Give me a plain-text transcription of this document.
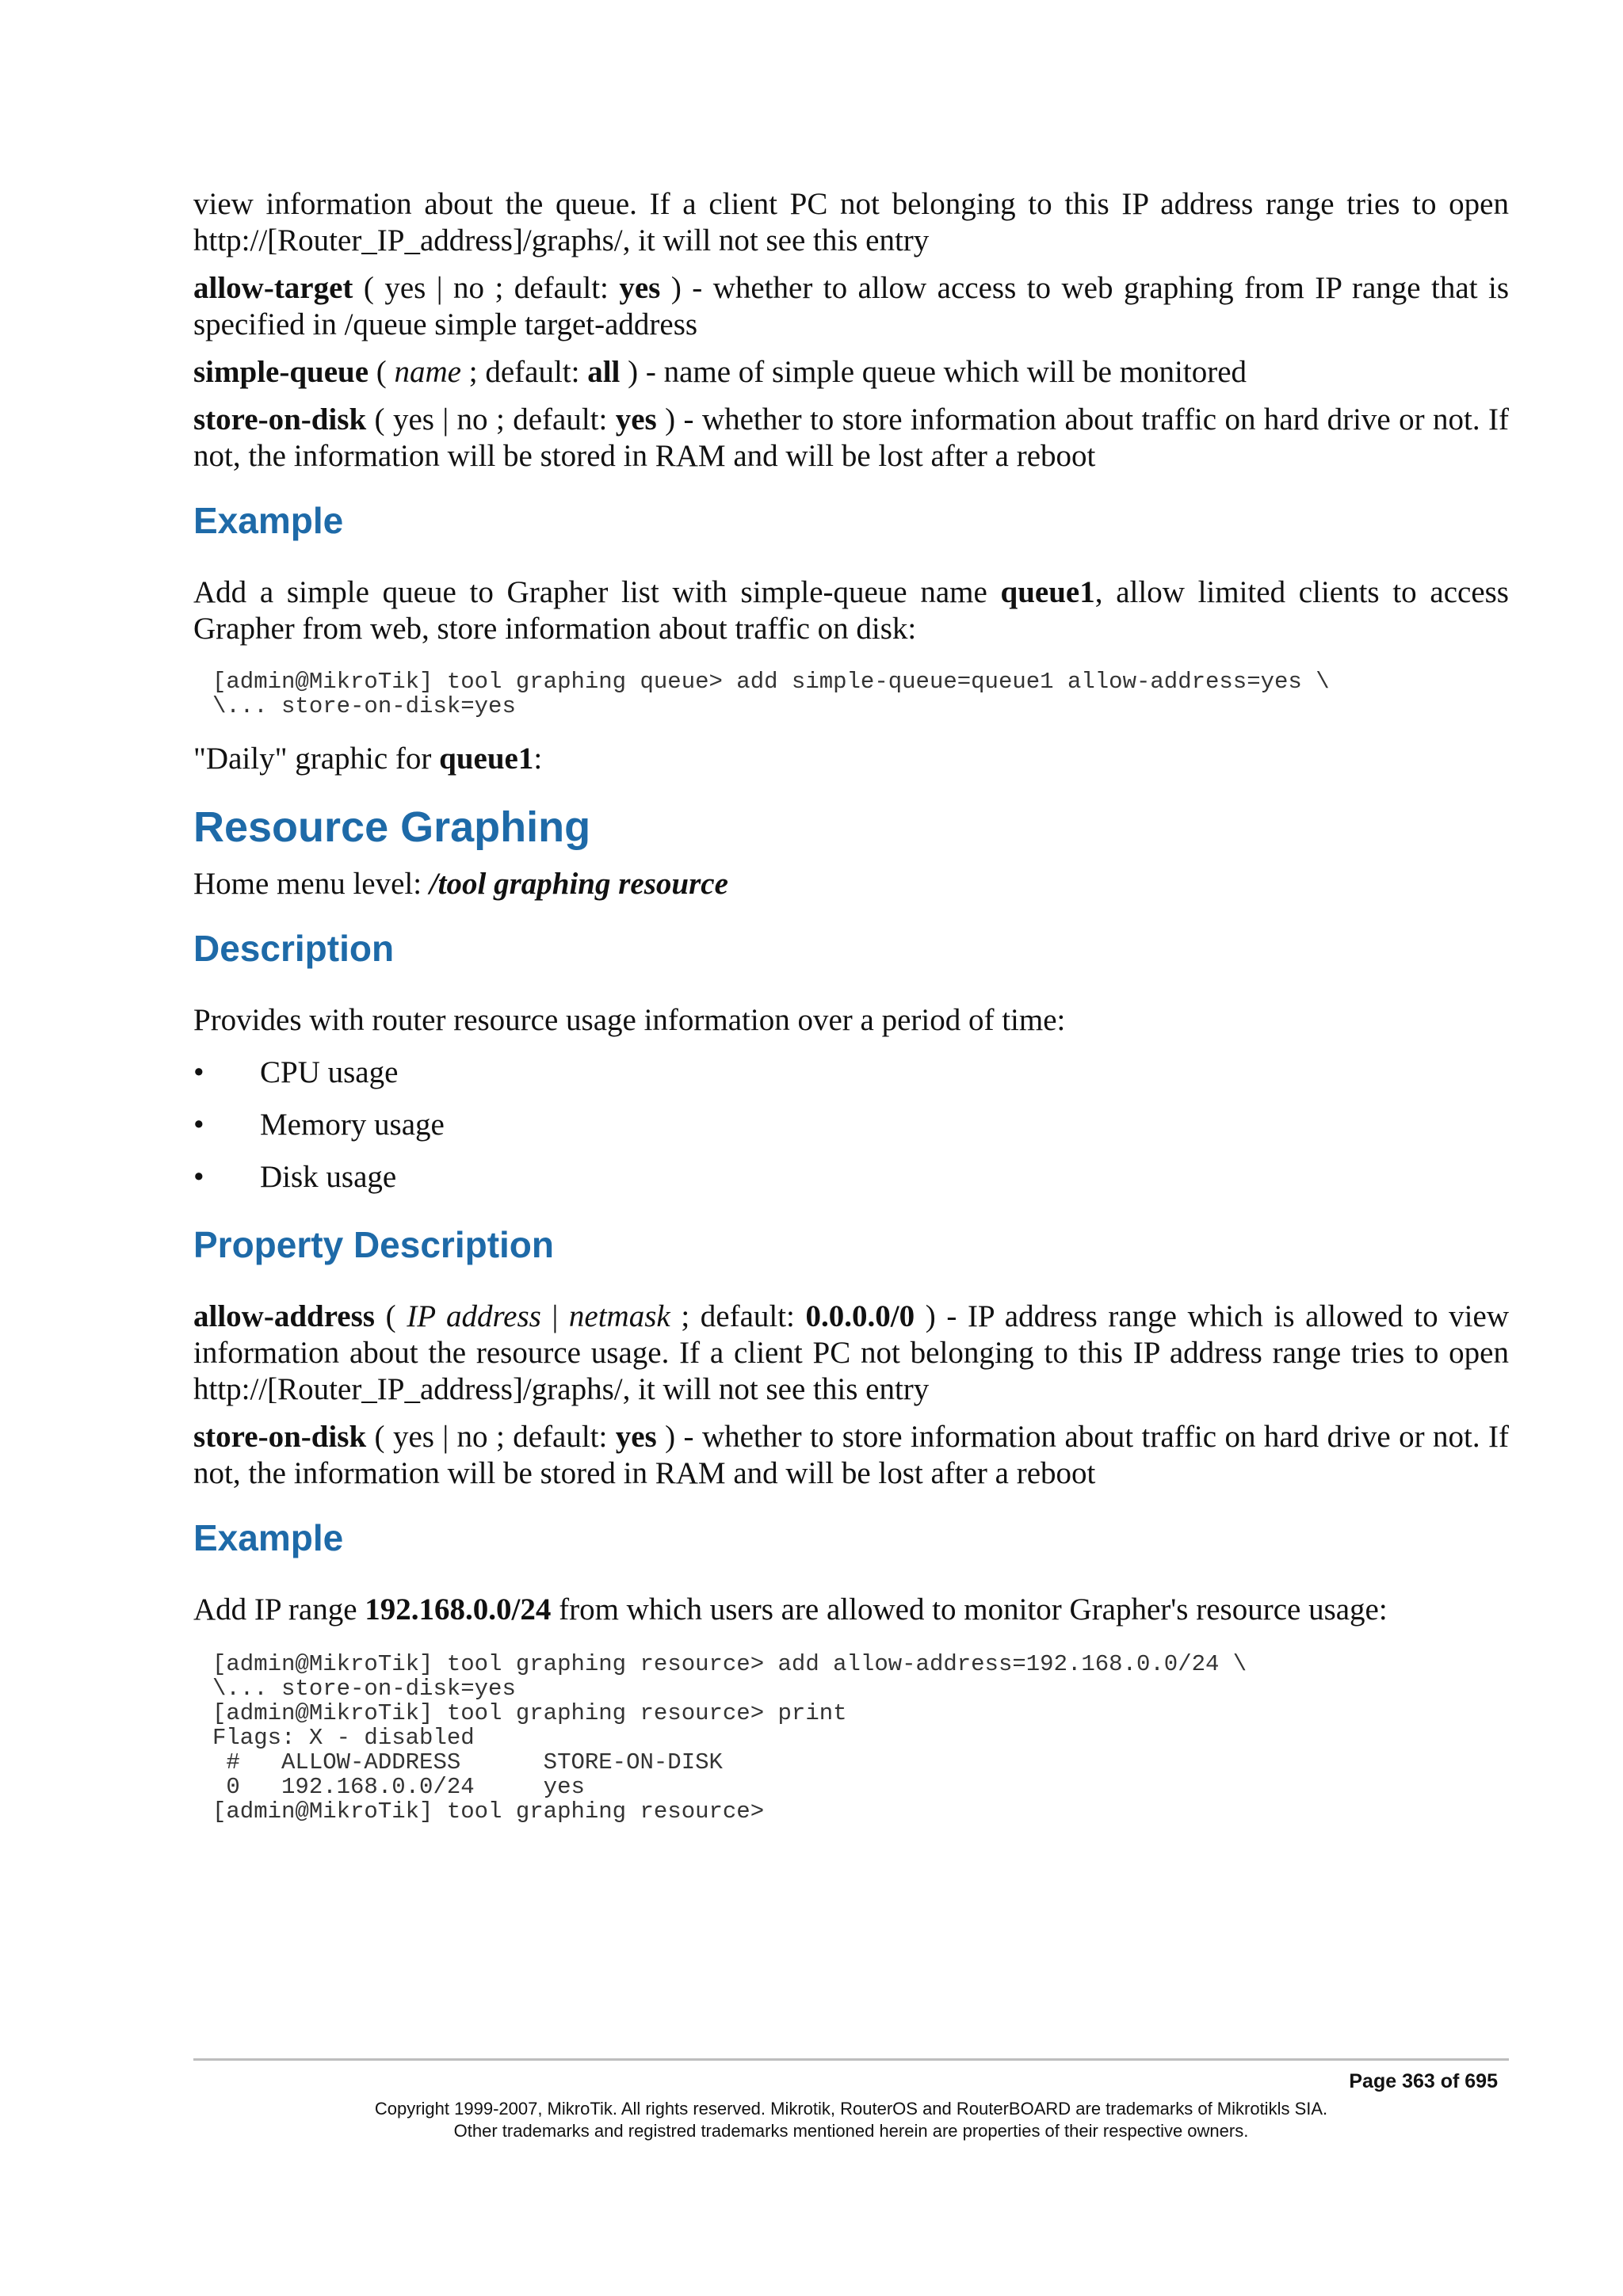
view information about the queue. If a client PC not belonging to this IP address range tries to open http://[Router_IP_address]/graphs/, it will not see this entry

allow-target ( yes | no ; default: yes ) - whether to allow access to web graphing from IP range that is specified in /queue simple target-address

simple-queue ( name ; default: all ) - name of simple queue which will be monitored

store-on-disk ( yes | no ; default: yes ) - whether to store information about traffic on hard drive or not. If not, the information will be stored in RAM and will be lost after a reboot

Example

Add a simple queue to Grapher list with simple-queue name queue1, allow limited clients to access Grapher from web, store information about traffic on disk:

[admin@MikroTik] tool graphing queue> add simple-queue=queue1 allow-address=yes \
\... store-on-disk=yes

"Daily" graphic for queue1:

Resource Graphing

Home menu level: /tool graphing resource

Description

Provides with router resource usage information over a period of time:

•	CPU usage
•	Memory usage
•	Disk usage
Property Description

allow-address ( IP address | netmask ; default: 0.0.0.0/0 ) - IP address range which is allowed to view information about the resource usage. If a client PC not belonging to this IP address range tries to open http://[Router_IP_address]/graphs/, it will not see this entry

store-on-disk ( yes | no ; default: yes ) - whether to store information about traffic on hard drive or not. If not, the information will be stored in RAM and will be lost after a reboot

Example

Add IP range 192.168.0.0/24 from which users are allowed to monitor Grapher's resource usage:

[admin@MikroTik] tool graphing resource> add allow-address=192.168.0.0/24 \
\... store-on-disk=yes
[admin@MikroTik] tool graphing resource> print
Flags: X - disabled
#   ALLOW-ADDRESS      STORE-ON-DISK
0   192.168.0.0/24     yes
[admin@MikroTik] tool graphing resource>
Page 363 of 695
Copyright 1999-2007, MikroTik. All rights reserved. Mikrotik, RouterOS and RouterBOARD are trademarks of Mikrotikls SIA.
Other trademarks and registred trademarks mentioned herein are properties of their respective owners.
